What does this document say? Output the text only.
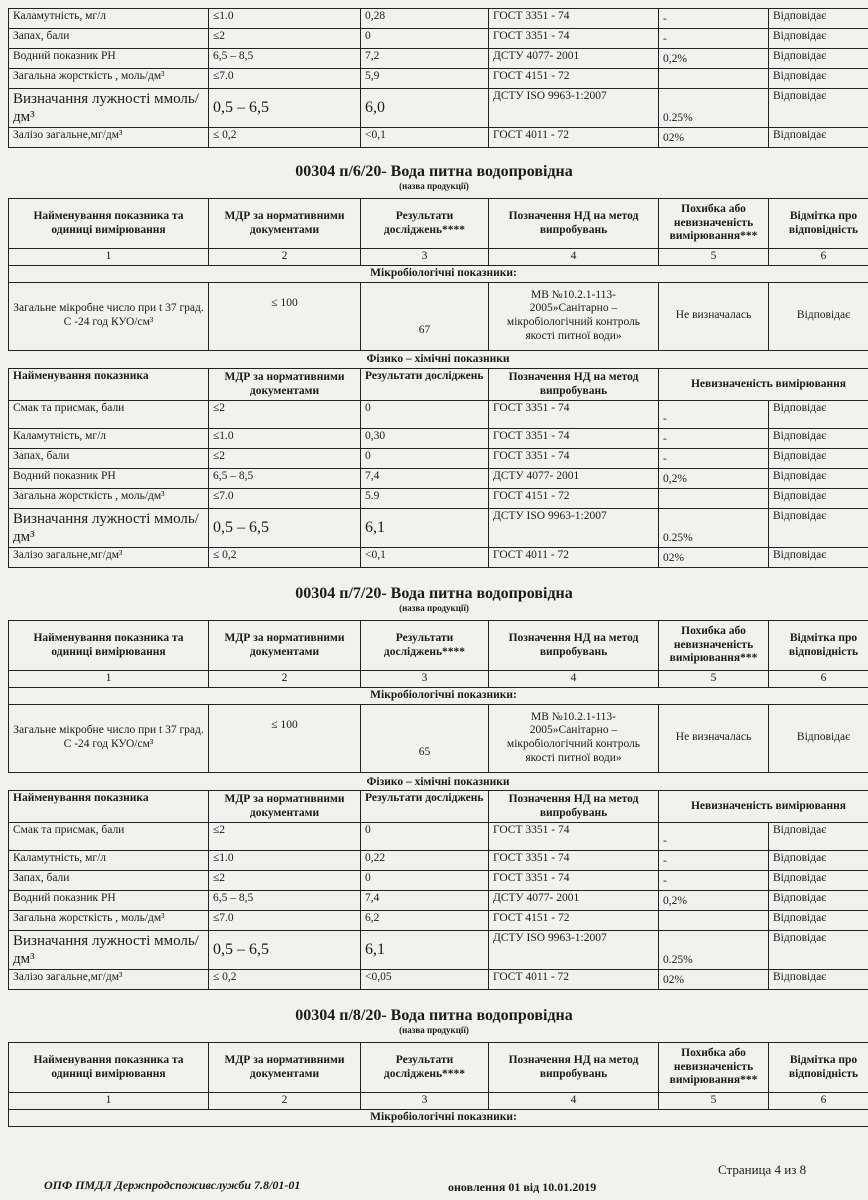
Каламутність, мг/л	≤1.0	0,28	ГОСТ 3351 - 74	-	Відповідає
Запах, бали	≤2	0	ГОСТ 3351 - 74	-	Відповідає
Водний показник РН	6,5 – 8,5	7,2	ДСТУ 4077- 2001	0,2%	Відповідає
Загальна жорсткість , моль/дм³	≤7.0	5,9	ГОСТ 4151 - 72		Відповідає
Визначання лужності ммоль/дм³	0,5 – 6,5	6,0	ДСТУ ISO 9963-1:2007	0.25%	Відповідає
Залізо загальне,мг/дм³	≤ 0,2	<0,1	ГОСТ 4011 - 72	02%	Відповідає
00304 п/6/20- Вода питна водопровідна
(назва продукції)
Найменування показника та одиниці вимірювання	МДР за нормативними документами	Результати досліджень****	Позначення НД на метод випробувань	Похибка або невизначеність вимірювання***	Відмітка про відповідність
1	2	3	4	5	6
Мікробіологічні показники:					
Загальне мікробне число при t 37 град. С -24 год КУО/см³	≤ 100	67	МВ №10.2.1-113-2005»Санітарно – мікробіологічний контроль якості питної води»	Не визначалась	Відповідає
Фізико – хімічні показники
Найменування показника	МДР за нормативними документами	Результати досліджень	Позначення НД на метод випробувань	Невизначеність вимірювання	
Смак та присмак, бали	≤2	0	ГОСТ 3351 - 74	-	Відповідає
Каламутність, мг/л	≤1.0	0,30	ГОСТ 3351 - 74	-	Відповідає
Запах, бали	≤2	0	ГОСТ 3351 - 74	-	Відповідає
Водний показник РН	6,5 – 8,5	7,4	ДСТУ 4077- 2001	0,2%	Відповідає
Загальна жорсткість , моль/дм³	≤7.0	5.9	ГОСТ 4151 - 72		Відповідає
Визначання лужності ммоль/дм³	0,5 – 6,5	6,1	ДСТУ ISO 9963-1:2007	0.25%	Відповідає
Залізо загальне,мг/дм³	≤ 0,2	<0,1	ГОСТ 4011 - 72	02%	Відповідає
00304 п/7/20- Вода питна водопровідна
(назва продукції)
Найменування показника та одиниці вимірювання	МДР за нормативними документами	Результати досліджень****	Позначення НД на метод випробувань	Похибка або невизначеність вимірювання***	Відмітка про відповідність
1	2	3	4	5	6
Мікробіологічні показники:					
Загальне мікробне число при t 37 град. С -24 год КУО/см³	≤ 100	65	МВ №10.2.1-113-2005»Санітарно – мікробіологічний контроль якості питної води»	Не визначалась	Відповідає
Фізико – хімічні показники
Найменування показника	МДР за нормативними документами	Результати досліджень	Позначення НД на метод випробувань	Невизначеність вимірювання	
Смак та присмак, бали	≤2	0	ГОСТ 3351 - 74	-	Відповідає
Каламутність, мг/л	≤1.0	0,22	ГОСТ 3351 - 74	-	Відповідає
Запах, бали	≤2	0	ГОСТ 3351 - 74	-	Відповідає
Водний показник РН	6,5 – 8,5	7,4	ДСТУ 4077- 2001	0,2%	Відповідає
Загальна жорсткість , моль/дм³	≤7.0	6,2	ГОСТ 4151 - 72		Відповідає
Визначання лужності ммоль/дм³	0,5 – 6,5	6,1	ДСТУ ISO 9963-1:2007	0.25%	Відповідає
Залізо загальне,мг/дм³	≤ 0,2	<0,05	ГОСТ 4011 - 72	02%	Відповідає
00304 п/8/20- Вода питна водопровідна
(назва продукції)
Найменування показника та одиниці вимірювання	МДР за нормативними документами	Результати досліджень****	Позначення НД на метод випробувань	Похибка або невизначеність вимірювання***	Відмітка про відповідність
1	2	3	4	5	6
Мікробіологічні показники:					
Страница 4 из 8
ОПФ ПМДЛ Держпродспоживслужби 7.8/01-01	оновлення 01 від 10.01.2019
